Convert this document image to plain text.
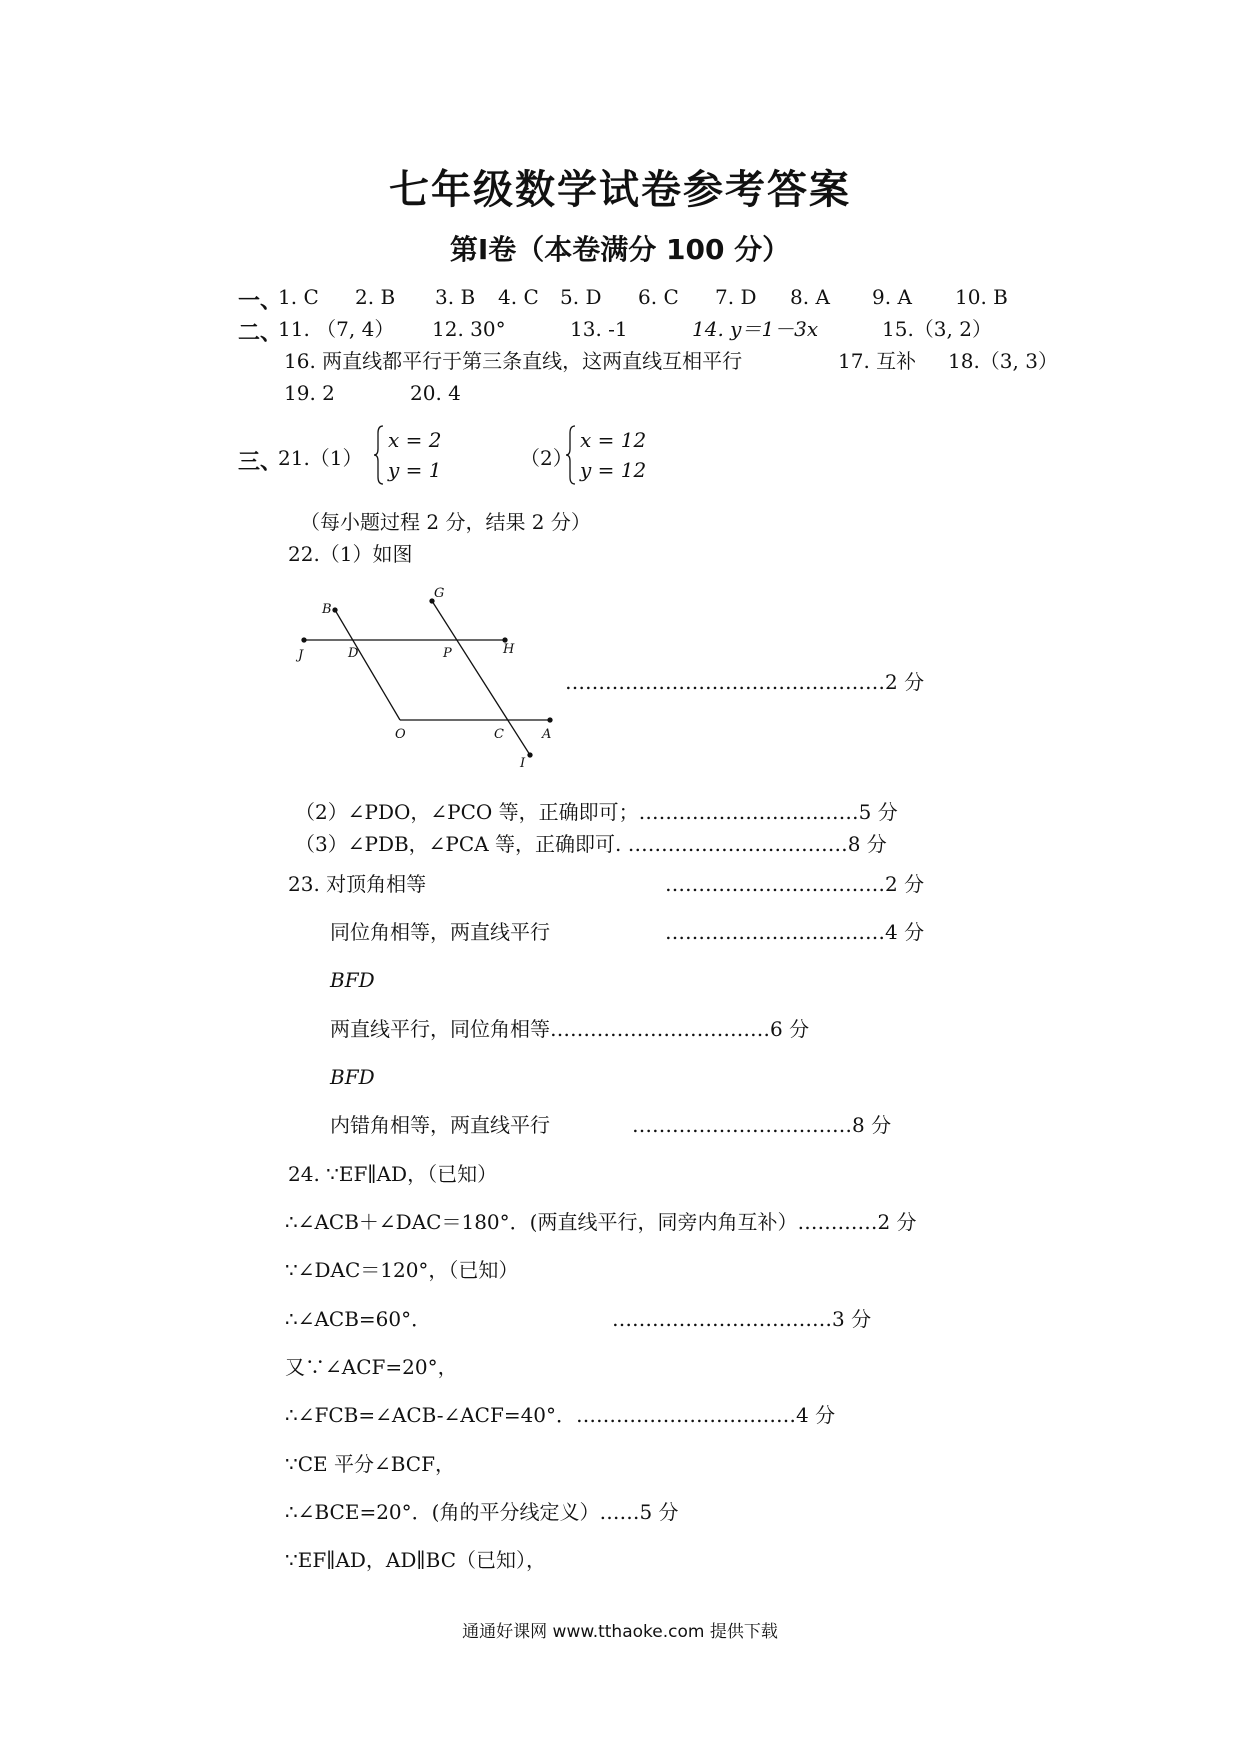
七年级数学试卷参考答案
第Ⅰ卷（本卷满分 100 分）
一、
1. C 2. B 3. B 4. C 5. D 6. C 7. D 8. A 9. A 10. B
二、
11. （7, 4） 12. 30°	13. -1	14. y＝1－3x	15.（3, 2）
16. 两直线都平行于第三条直线，这两直线互相平行	17. 互补 18.（3, 3）
19. 2	20. 4
三、
21.（1）
x = 2
y = 1	（2）
x = 12
y = 12
（每小题过程 2 分，结果 2 分）
22.（1）如图
B
G
J	D	P	H
O	C	A
I
…………………………………………2 分
（2）∠PDO，∠PCO 等，正确即可；……………………………5 分
（3）∠PDB，∠PCA 等，正确即可. ……………………………8 分
23. 对顶角相等	……………………………2 分
同位角相等，两直线平行	……………………………4 分
BFD
两直线平行，同位角相等……………………………6 分
BFD
内错角相等，两直线平行	……………………………8 分
24. ∵EF∥AD，（已知）
∴∠ACB＋∠DAC＝180°．(两直线平行，同旁内角互补）…………2 分
∵∠DAC＝120°，（已知）
∴∠ACB=60°．	……………………………3 分
又∵∠ACF=20°，
∴∠FCB=∠ACB-∠ACF=40°．……………………………4 分
∵CE 平分∠BCF，
∴∠BCE=20°．(角的平分线定义）……5 分
∵EF∥AD，AD∥BC（已知），
通通好课网 www.tthaoke.com 提供下载
